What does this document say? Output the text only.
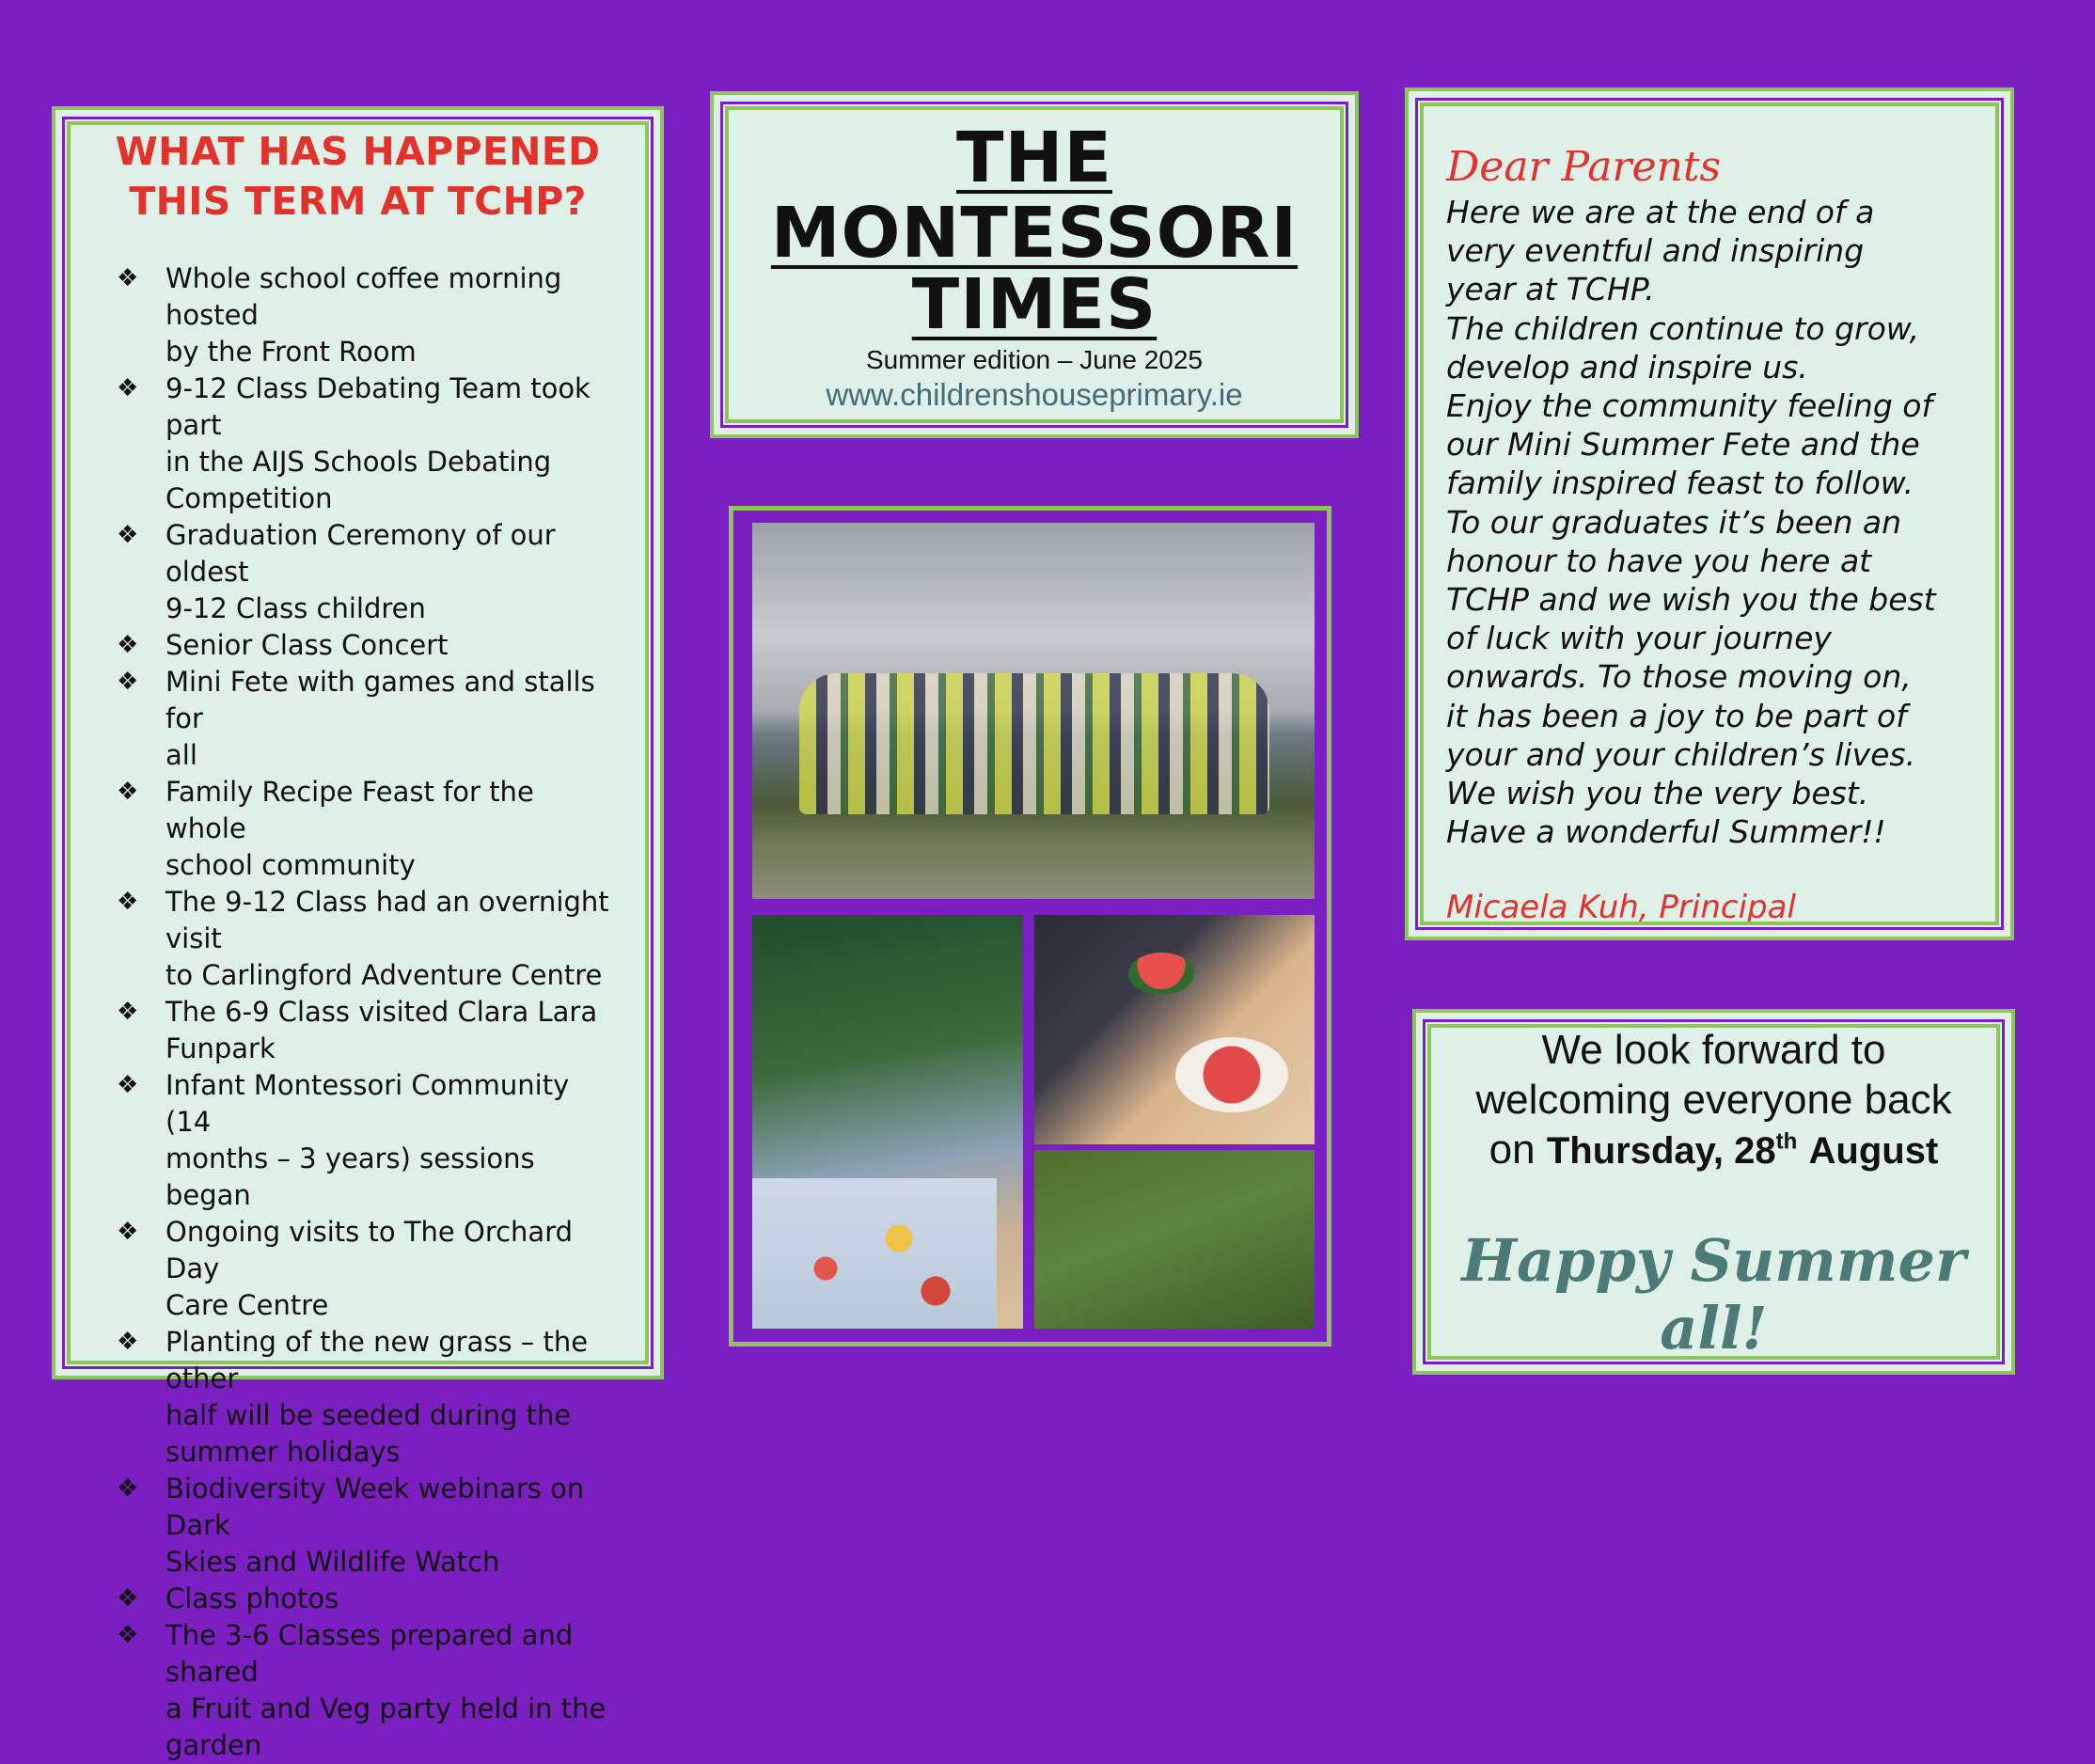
WHAT HAS HAPPENED
THIS TERM AT TCHP?
❖ Whole school coffee morning hosted
by the Front Room
❖ 9-12 Class Debating Team took part
in the AIJS Schools Debating
Competition
❖ Graduation Ceremony of our oldest
9-12 Class children
❖ Senior Class Concert
❖ Mini Fete with games and stalls for
all
❖ Family Recipe Feast for the whole
school community
❖ The 9-12 Class had an overnight visit
to Carlingford Adventure Centre
❖ The 6-9 Class visited Clara Lara
Funpark
❖ Infant Montessori Community (14
months – 3 years) sessions began
❖ Ongoing visits to The Orchard Day
Care Centre
❖ Planting of the new grass – the other
half will be seeded during the
summer holidays
❖ Biodiversity Week webinars on Dark
Skies and Wildlife Watch
❖ Class photos
❖ The 3-6 Classes prepared and shared
a Fruit and Veg party held in the
garden
THE
MONTESSORI
TIMES
Summer edition – June 2025
www.childrenshouseprimary.ie
Dear Parents
Here we are at the end of a
very eventful and inspiring
year at TCHP.
The children continue to grow,
develop and inspire us.
Enjoy the community feeling of
our Mini Summer Fete and the
family inspired feast to follow.
To our graduates it’s been an
honour to have you here at
TCHP and we wish you the best
of luck with your journey
onwards. To those moving on,
it has been a joy to be part of
your and your children’s lives.
We wish you the very best.
Have a wonderful Summer!!
Micaela Kuh, Principal
We look forward to
welcoming everyone back
on Thursday, 28th August
Happy Summer
all!
